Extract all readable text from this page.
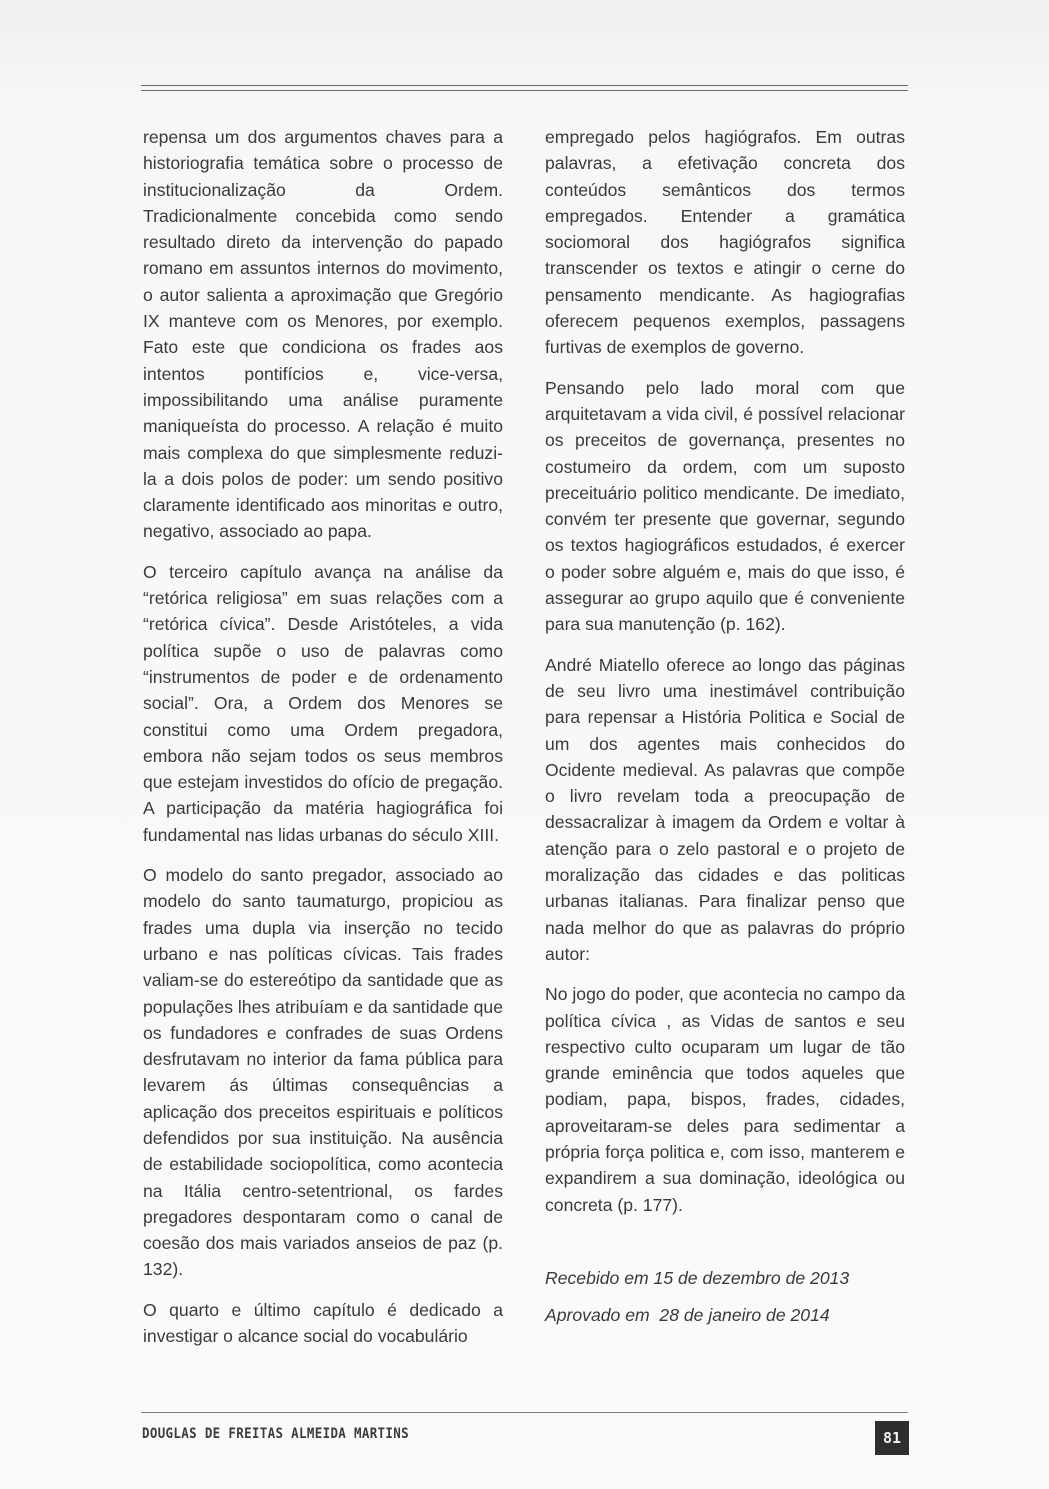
repensa um dos argumentos chaves para a historiografia temática sobre o processo de institucionalização da Ordem. Tradicionalmente concebida como sendo resultado direto da intervenção do papado romano em assuntos internos do movimento, o autor salienta a aproximação que Gregório IX manteve com os Menores, por exemplo. Fato este que condiciona os frades aos intentos pontifícios e, vice-versa, impossibilitando uma análise puramente maniqueísta do processo. A relação é muito mais complexa do que simplesmente reduzi-la a dois polos de poder: um sendo positivo claramente identificado aos minoritas e outro, negativo, associado ao papa.

O terceiro capítulo avança na análise da “retórica religiosa” em suas relações com a “retórica cívica”. Desde Aristóteles, a vida política supõe o uso de palavras como “instrumentos de poder e de ordenamento social”. Ora, a Ordem dos Menores se constitui como uma Ordem pregadora, embora não sejam todos os seus membros que estejam investidos do ofício de pregação. A participação da matéria hagiográfica foi fundamental nas lidas urbanas do século XIII.

O modelo do santo pregador, associado ao modelo do santo taumaturgo, propiciou as frades uma dupla via inserção no tecido urbano e nas políticas cívicas. Tais frades valiam-se do estereótipo da santidade que as populações lhes atribuíam e da santidade que os fundadores e confrades de suas Ordens desfrutavam no interior da fama pública para levarem ás últimas consequências a aplicação dos preceitos espirituais e políticos defendidos por sua instituição. Na ausência de estabilidade sociopolítica, como acontecia na Itália centro-setentrional, os fardes pregadores despontaram como o canal de coesão dos mais variados anseios de paz (p. 132).

O quarto e último capítulo é dedicado a investigar o alcance social do vocabulário

empregado pelos hagiógrafos. Em outras palavras, a efetivação concreta dos conteúdos semânticos dos termos empregados. Entender a gramática sociomoral dos hagiógrafos significa transcender os textos e atingir o cerne do pensamento mendicante. As hagiografias oferecem pequenos exemplos, passagens furtivas de exemplos de governo.

Pensando pelo lado moral com que arquitetavam a vida civil, é possível relacionar os preceitos de governança, presentes no costumeiro da ordem, com um suposto preceituário politico mendicante. De imediato, convém ter presente que governar, segundo os textos hagiográficos estudados, é exercer o poder sobre alguém e, mais do que isso, é assegurar ao grupo aquilo que é conveniente para sua manutenção (p. 162).

André Miatello oferece ao longo das páginas de seu livro uma inestimável contribuição para repensar a História Politica e Social de um dos agentes mais conhecidos do Ocidente medieval. As palavras que compõe o livro revelam toda a preocupação de dessacralizar à imagem da Ordem e voltar à atenção para o zelo pastoral e o projeto de moralização das cidades e das politicas urbanas italianas. Para finalizar penso que nada melhor do que as palavras do próprio autor:

No jogo do poder, que acontecia no campo da política cívica , as Vidas de santos e seu respectivo culto ocuparam um lugar de tão grande eminência que todos aqueles que podiam, papa, bispos, frades, cidades, aproveitaram-se deles para sedimentar a própria força politica e, com isso, manterem e expandirem a sua dominação, ideológica ou concreta (p. 177).

Recebido em 15 de dezembro de 2013
Aprovado em  28 de janeiro de 2014
DOUGLAS DE FREITAS ALMEIDA MARTINS	81
